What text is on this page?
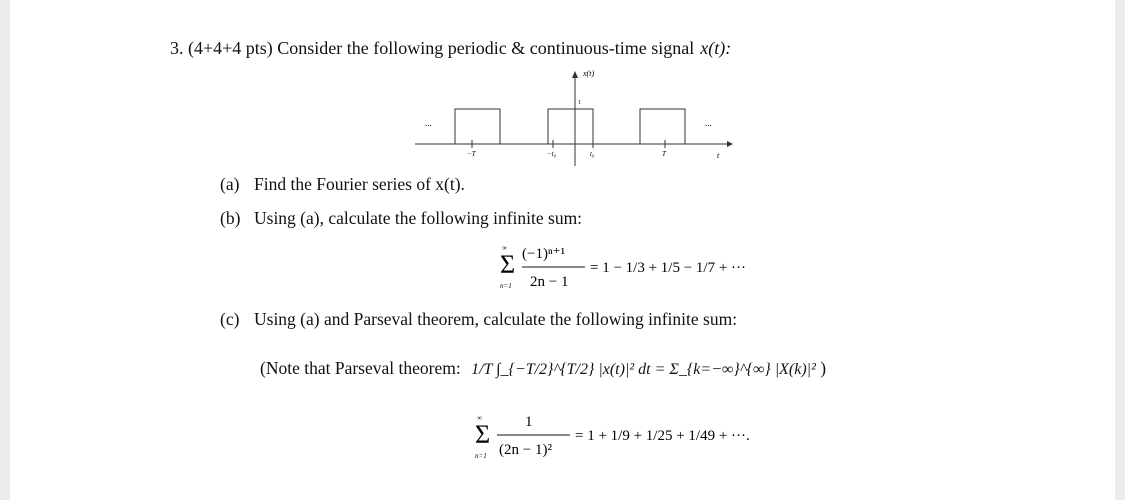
3. (4+4+4 pts) Consider the following periodic & continuous-time signal x(t):
x(t)
1
...	...
−T	−t₀	t₀	T	t
(a) Find the Fourier series of x(t).
(b) Using (a), calculate the following infinite sum:
∞
Σ
n=1
(−1)ⁿ⁺¹
2n − 1
= 1 − 1/3 + 1/5 − 1/7 + ···
(c) Using (a) and Parseval theorem, calculate the following infinite sum:
(Note that Parseval theorem: 1/T ∫_{−T/2}^{T/2} |x(t)|² dt = Σ_{k=−∞}^{∞} |X(k)|² )
∞
Σ
n=1
1
(2n − 1)²
= 1 + 1/9 + 1/25 + 1/49 + ···.
